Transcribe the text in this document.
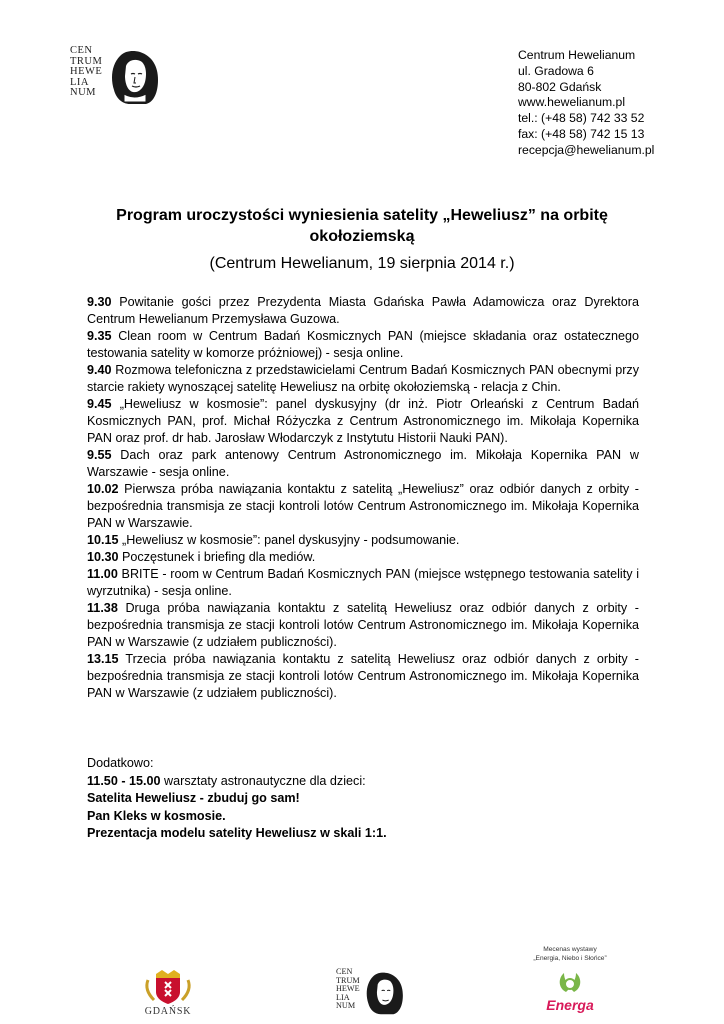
CEN
TRUM
HEWE
LIA
NUM
Centrum Hewelianum
ul. Gradowa 6
80-802 Gdańsk
www.hewelianum.pl
tel.: (+48 58) 742 33 52
fax: (+48 58) 742 15 13
recepcja@hewelianum.pl
Program uroczystości wyniesienia satelity „Heweliusz” na orbitę
okołoziemską
(Centrum Hewelianum, 19 sierpnia 2014 r.)

9.30 Powitanie gości przez Prezydenta Miasta Gdańska Pawła Adamowicza oraz Dyrektora Centrum Hewelianum Przemysława Guzowa.

9.35 Clean room w Centrum Badań Kosmicznych PAN (miejsce składania oraz ostatecznego testowania satelity w komorze próżniowej) - sesja online.

9.40 Rozmowa telefoniczna z przedstawicielami Centrum Badań Kosmicznych PAN obecnymi przy starcie rakiety wynoszącej satelitę Heweliusz na orbitę okołoziemską - relacja z Chin.

9.45 „Heweliusz w kosmosie”: panel dyskusyjny (dr inż. Piotr Orleański z Centrum Badań Kosmicznych PAN, prof. Michał Różyczka z Centrum Astronomicznego im. Mikołaja Kopernika PAN oraz prof. dr hab. Jarosław Włodarczyk z Instytutu Historii Nauki PAN).

9.55 Dach oraz park antenowy Centrum Astronomicznego im. Mikołaja Kopernika PAN w Warszawie - sesja online.

10.02 Pierwsza próba nawiązania kontaktu z satelitą „Heweliusz” oraz odbiór danych z orbity - bezpośrednia transmisja ze stacji kontroli lotów Centrum Astronomicznego im. Mikołaja Kopernika PAN w Warszawie.

10.15 „Heweliusz w kosmosie”: panel dyskusyjny - podsumowanie.

10.30 Poczęstunek i briefing dla mediów.

11.00 BRITE - room w Centrum Badań Kosmicznych PAN (miejsce wstępnego testowania satelity i wyrzutnika) - sesja online.

11.38 Druga próba nawiązania kontaktu z satelitą Heweliusz oraz odbiór danych z orbity - bezpośrednia transmisja ze stacji kontroli lotów Centrum Astronomicznego im. Mikołaja Kopernika PAN w Warszawie (z udziałem publiczności).

13.15 Trzecia próba nawiązania kontaktu z satelitą Heweliusz oraz odbiór danych z orbity - bezpośrednia transmisja ze stacji kontroli lotów Centrum Astronomicznego im. Mikołaja Kopernika PAN w Warszawie (z udziałem publiczności).

Dodatkowo:

11.50 - 15.00 warsztaty astronautyczne dla dzieci:

Satelita Heweliusz - zbuduj go sam!

Pan Kleks w kosmosie.

Prezentacja modelu satelity Heweliusz w skali 1:1.

GDAŃSK
CEN
TRUM
HEWE
LIA
NUM
Mecenas wystawy
„Energia, Niebo i Słońce”
Energa
